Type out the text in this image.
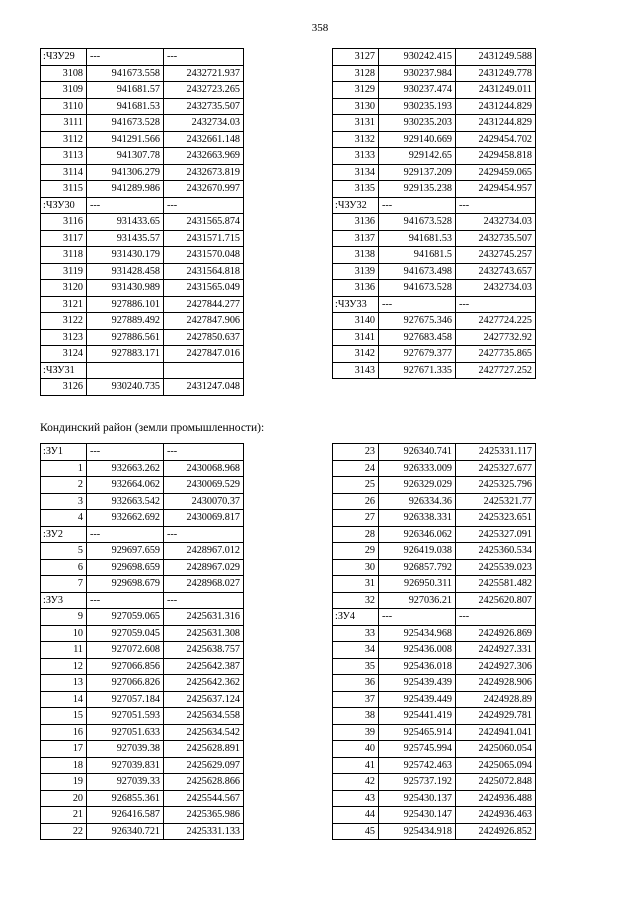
358
:ЧЗУ29	---	---
3108	941673.558	2432721.937
3109	941681.57	2432723.265
3110	941681.53	2432735.507
3111	941673.528	2432734.03
3112	941291.566	2432661.148
3113	941307.78	2432663.969
3114	941306.279	2432673.819
3115	941289.986	2432670.997
:ЧЗУ30	---	---
3116	931433.65	2431565.874
3117	931435.57	2431571.715
3118	931430.179	2431570.048
3119	931428.458	2431564.818
3120	931430.989	2431565.049
3121	927886.101	2427844.277
3122	927889.492	2427847.906
3123	927886.561	2427850.637
3124	927883.171	2427847.016
:ЧЗУ31		
3126	930240.735	2431247.048
3127	930242.415	2431249.588
3128	930237.984	2431249.778
3129	930237.474	2431249.011
3130	930235.193	2431244.829
3131	930235.203	2431244.829
3132	929140.669	2429454.702
3133	929142.65	2429458.818
3134	929137.209	2429459.065
3135	929135.238	2429454.957
:ЧЗУ32	---	---
3136	941673.528	2432734.03
3137	941681.53	2432735.507
3138	941681.5	2432745.257
3139	941673.498	2432743.657
3136	941673.528	2432734.03
:ЧЗУ33	---	---
3140	927675.346	2427724.225
3141	927683.458	2427732.92
3142	927679.377	2427735.865
3143	927671.335	2427727.252
Кондинский район (земли промышленности):
:ЗУ1	---	---
1	932663.262	2430068.968
2	932664.062	2430069.529
3	932663.542	2430070.37
4	932662.692	2430069.817
:ЗУ2	---	---
5	929697.659	2428967.012
6	929698.659	2428967.029
7	929698.679	2428968.027
:ЗУ3	---	---
9	927059.065	2425631.316
10	927059.045	2425631.308
11	927072.608	2425638.757
12	927066.856	2425642.387
13	927066.826	2425642.362
14	927057.184	2425637.124
15	927051.593	2425634.558
16	927051.633	2425634.542
17	927039.38	2425628.891
18	927039.831	2425629.097
19	927039.33	2425628.866
20	926855.361	2425544.567
21	926416.587	2425365.986
22	926340.721	2425331.133
23	926340.741	2425331.117
24	926333.009	2425327.677
25	926329.029	2425325.796
26	926334.36	2425321.77
27	926338.331	2425323.651
28	926346.062	2425327.091
29	926419.038	2425360.534
30	926857.792	2425539.023
31	926950.311	2425581.482
32	927036.21	2425620.807
:ЗУ4	---	---
33	925434.968	2424926.869
34	925436.008	2424927.331
35	925436.018	2424927.306
36	925439.439	2424928.906
37	925439.449	2424928.89
38	925441.419	2424929.781
39	925465.914	2424941.041
40	925745.994	2425060.054
41	925742.463	2425065.094
42	925737.192	2425072.848
43	925430.137	2424936.488
44	925430.147	2424936.463
45	925434.918	2424926.852
